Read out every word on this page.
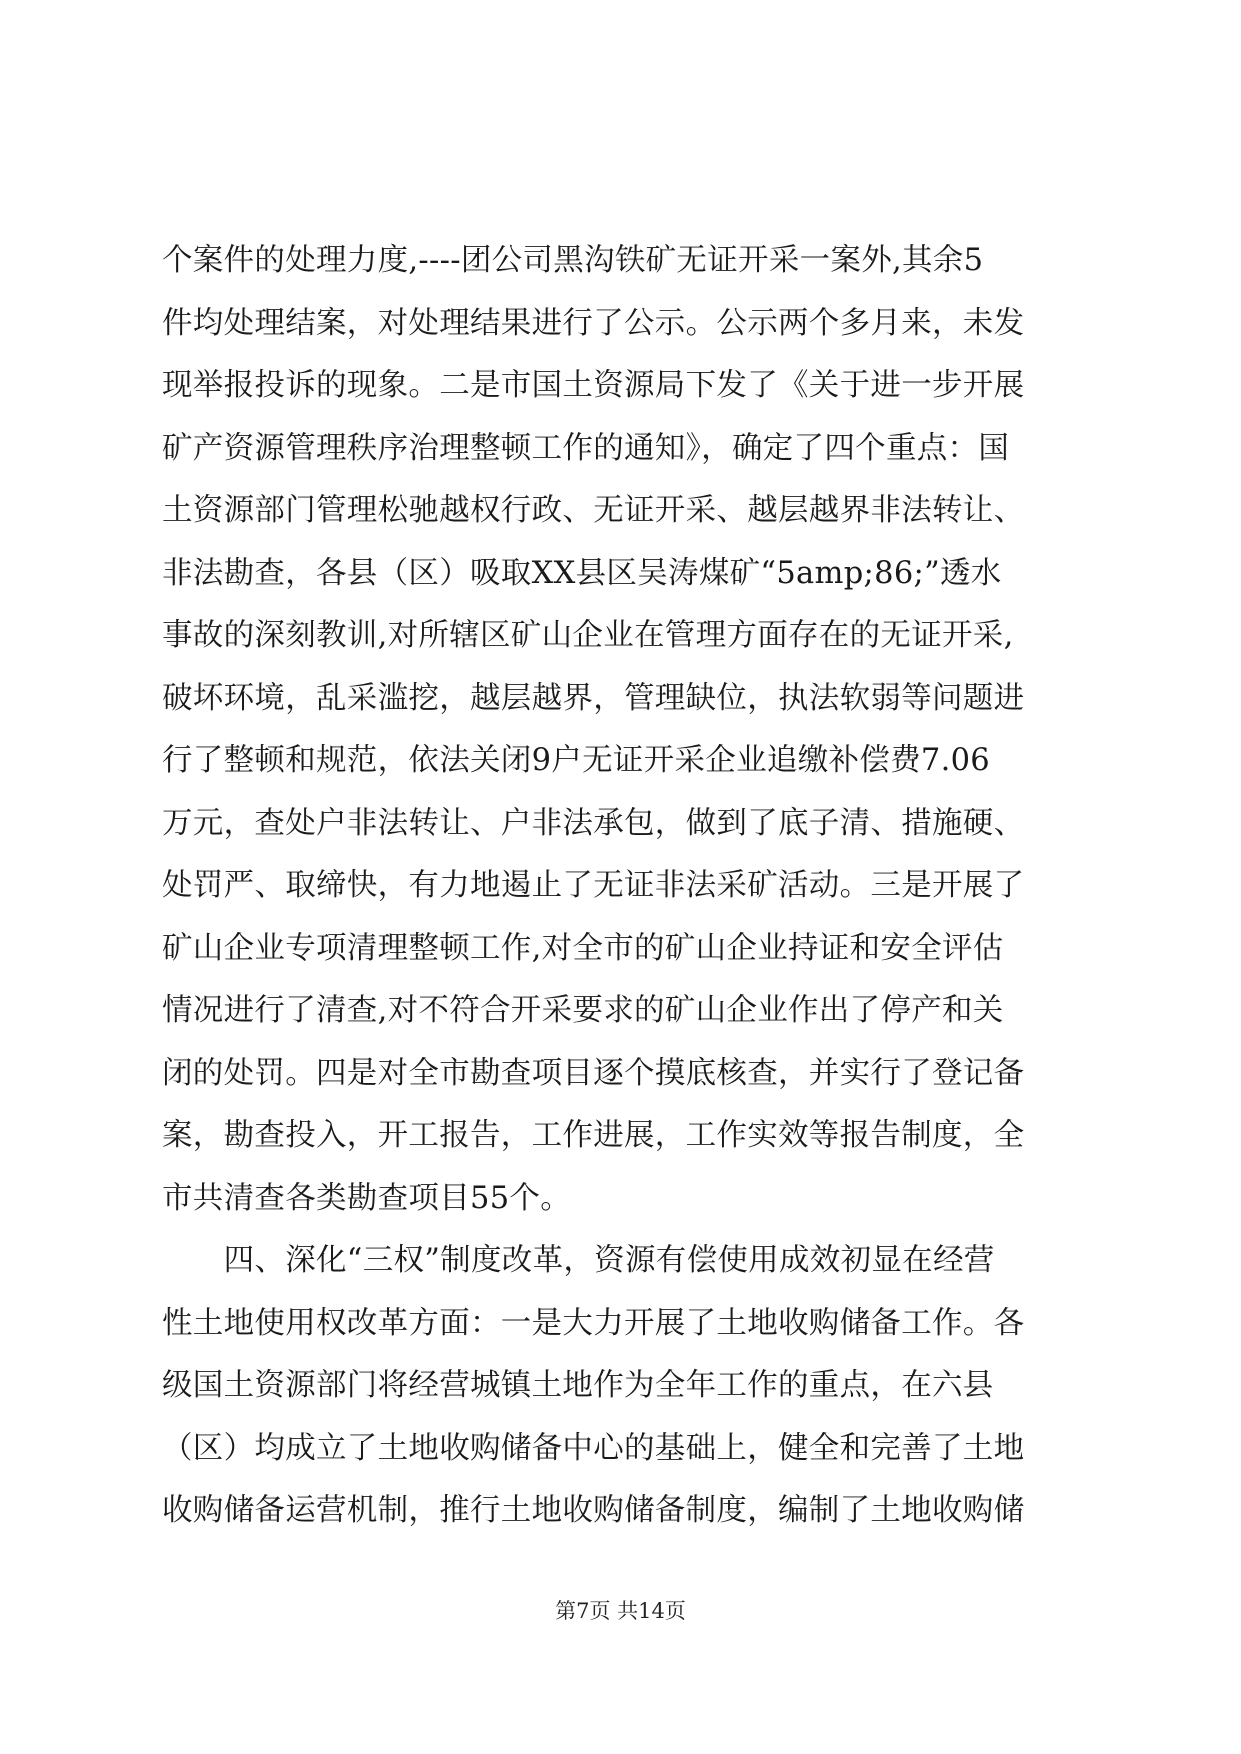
个案件的处理力度,----团公司黑沟铁矿无证开采一案外,其余5
件均处理结案，对处理结果进行了公示。公示两个多月来，未发
现举报投诉的现象。二是市国土资源局下发了《关于进一步开展
矿产资源管理秩序治理整顿工作的通知》，确定了四个重点：国
土资源部门管理松驰越权行政、无证开采、越层越界非法转让、
非法勘查，各县（区）吸取XX县区吴涛煤矿“5amp;86;”透水
事故的深刻教训,对所辖区矿山企业在管理方面存在的无证开采,
破坏环境，乱采滥挖，越层越界，管理缺位，执法软弱等问题进
行了整顿和规范，依法关闭9户无证开采企业追缴补偿费7.06
万元，查处户非法转让、户非法承包，做到了底子清、措施硬、
处罚严、取缔快，有力地遏止了无证非法采矿活动。三是开展了
矿山企业专项清理整顿工作,对全市的矿山企业持证和安全评估
情况进行了清查,对不符合开采要求的矿山企业作出了停产和关
闭的处罚。四是对全市勘查项目逐个摸底核查，并实行了登记备
案，勘查投入，开工报告，工作进展，工作实效等报告制度，全
市共清查各类勘查项目55个。
　　四、深化“三权”制度改革，资源有偿使用成效初显在经营
性土地使用权改革方面：一是大力开展了土地收购储备工作。各
级国土资源部门将经营城镇土地作为全年工作的重点，在六县
（区）均成立了土地收购储备中心的基础上，健全和完善了土地
收购储备运营机制，推行土地收购储备制度，编制了土地收购储
第7页 共14页
